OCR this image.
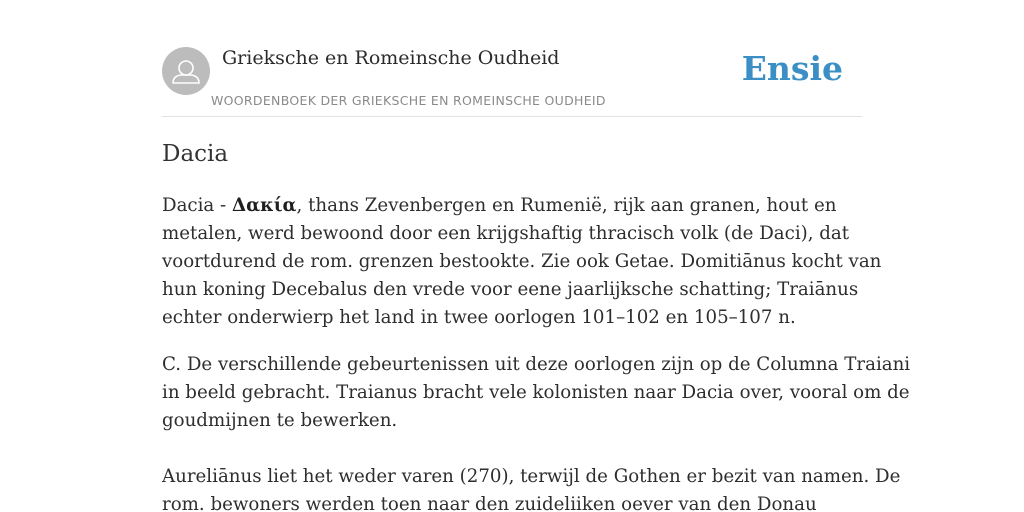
Grieksche en Romeinsche Oudheid
WOORDENBOEK DER GRIEKSCHE EN ROMEINSCHE OUDHEID
Ensie
Dacia
Dacia - Δακία, thans Zevenbergen en Rumenië, rijk aan granen, hout en
metalen, werd bewoond door een krijgshaftig thracisch volk (de Daci), dat
voortdurend de rom. grenzen bestookte. Zie ook Getae. Domitiānus kocht van
hun koning Decebalus den vrede voor eene jaarlijksche schatting; Traiānus
echter onderwierp het land in twee oorlogen 101–102 en 105–107 n.
C. De verschillende gebeurtenissen uit deze oorlogen zijn op de Columna Traiani
in beeld gebracht. Traianus bracht vele kolonisten naar Dacia over, vooral om de
goudmijnen te bewerken.
Aureliānus liet het weder varen (270), terwijl de Gothen er bezit van namen. De
rom. bewoners werden toen naar den zuideliiken oever van den Donau
